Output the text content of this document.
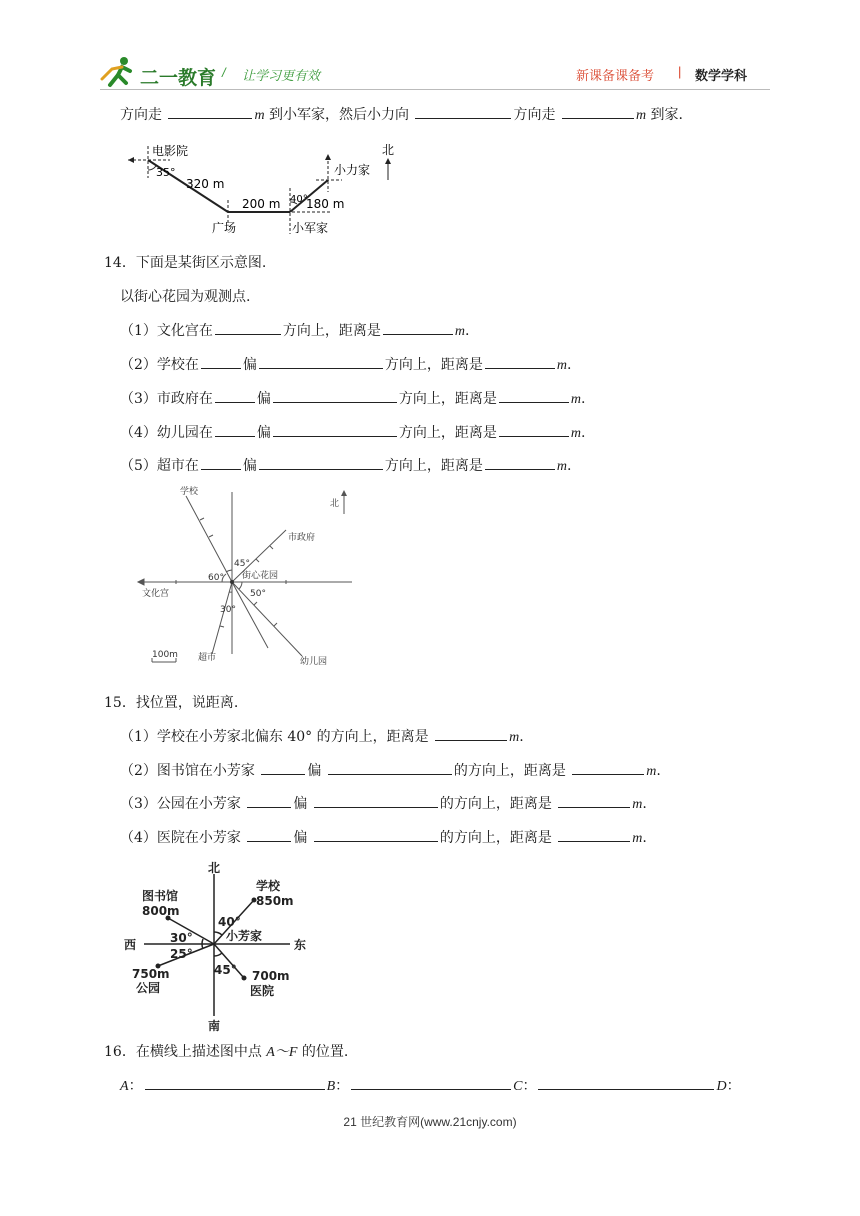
二一教育 / 让学习更有效	新课备课备考 | 数学学科
方向走	m 到小军家，然后小力向	方向走	m 到家.
电影院
35°
320 m
广场
200 m 40°
180 m
小军家
小力家
北
14．下面是某街区示意图.
以街心花园为观测点.
（1）文化宫在	方向上，距离是	m.
（2）学校在	偏	方向上，距离是	m.
（3）市政府在	偏	方向上，距离是	m.
（4）幼儿园在	偏	方向上，距离是	m.
（5）超市在	偏	方向上，距离是	m.
学校
市政府
街心花园
文化宫
幼儿园
超市
45°
60°
50°
30°
100m
北
15．找位置，说距离.
（1）学校在小芳家北偏东 40° 的方向上，距离是	m.
（2）图书馆在小芳家	偏	的方向上，距离是	m.
（3）公园在小芳家	偏	的方向上，距离是	m.
（4）医院在小芳家	偏	的方向上，距离是	m.
北
南
西	东
图书馆
800m
学校
850m
小芳家
750m
公园
700m
医院
40°
30°
25°
45°
16．在横线上描述图中点 A～F 的位置.
A：	B：	C：	D：
21 世纪教育网(www.21cnjy.com)
